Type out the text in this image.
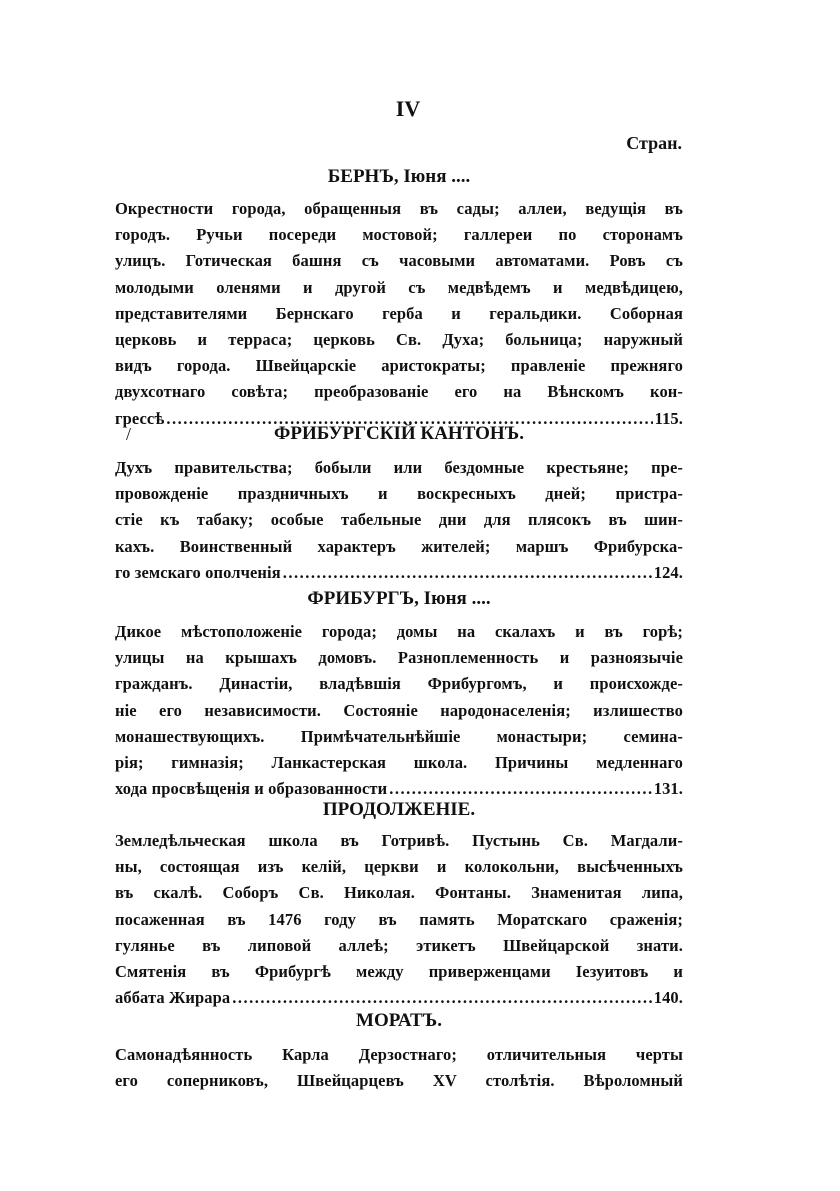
IV
Стран.
БЕРНЪ, Іюня ....
Окрестности города, обращенныя въ сады; аллеи, ведущія въ
городъ. Ручьи посереди мостовой; галлереи по сторонамъ
улицъ. Готическая башня съ часовыми автоматами. Ровъ съ
молодыми оленями и другой съ медвѣдемъ и медвѣдицею,
представителями Бернскаго герба и геральдики. Соборная
церковь и терраса; церковь Св. Духа; больница; наружный
видъ города. Швейцарскіе аристократы; правленіе прежняго
двухсотнаго совѣта; преобразованіе его на Вѣнскомъ кон-
грессѣ .....	115.
/	ФРИБУРГСКІЙ КАНТОНЪ.
Духъ правительства; бобыли или бездомные крестьяне; пре-
провожденіе праздничныхъ и воскресныхъ дней; пристра-
стіе къ табаку; особые табельные дни для плясокъ въ шин-
кахъ. Воинственный характеръ жителей; маршъ Фрибурска-
го земскаго ополченія .....	124.
ФРИБУРГЪ, Іюня ....
Дикое мѣстоположеніе города; домы на скалахъ и въ горѣ;
улицы на крышахъ домовъ. Разноплеменность и разноязычіе
гражданъ. Династіи, владѣвшія Фрибургомъ, и происхожде-
ніе его независимости. Состояніе народонаселенія; излишество
монашествующихъ. Примѣчательнѣйшіе монастыри; семина-
рія; гимназія; Ланкастерская школа. Причины медленнаго
хода просвѣщенія и образованности .....	131.
ПРОДОЛЖЕНІЕ.
Земледѣльческая школа въ Готривѣ. Пустынь Св. Магдали-
ны, состоящая изъ келій, церкви и колокольни, высѣченныхъ
въ скалѣ. Соборъ Св. Николая. Фонтаны. Знаменитая липа,
посаженная въ 1476 году въ память Моратскаго сраженія;
гулянье въ липовой аллеѣ; этикетъ Швейцарской знати.
Смятенія въ Фрибургѣ между приверженцами Іезуитовъ и
аббата Жирара .....	140.
МОРАТЪ.
Самонадѣянность Карла Дерзостнаго; отличительныя черты
его соперниковъ, Швейцарцевъ XV столѣтія. Вѣроломный
